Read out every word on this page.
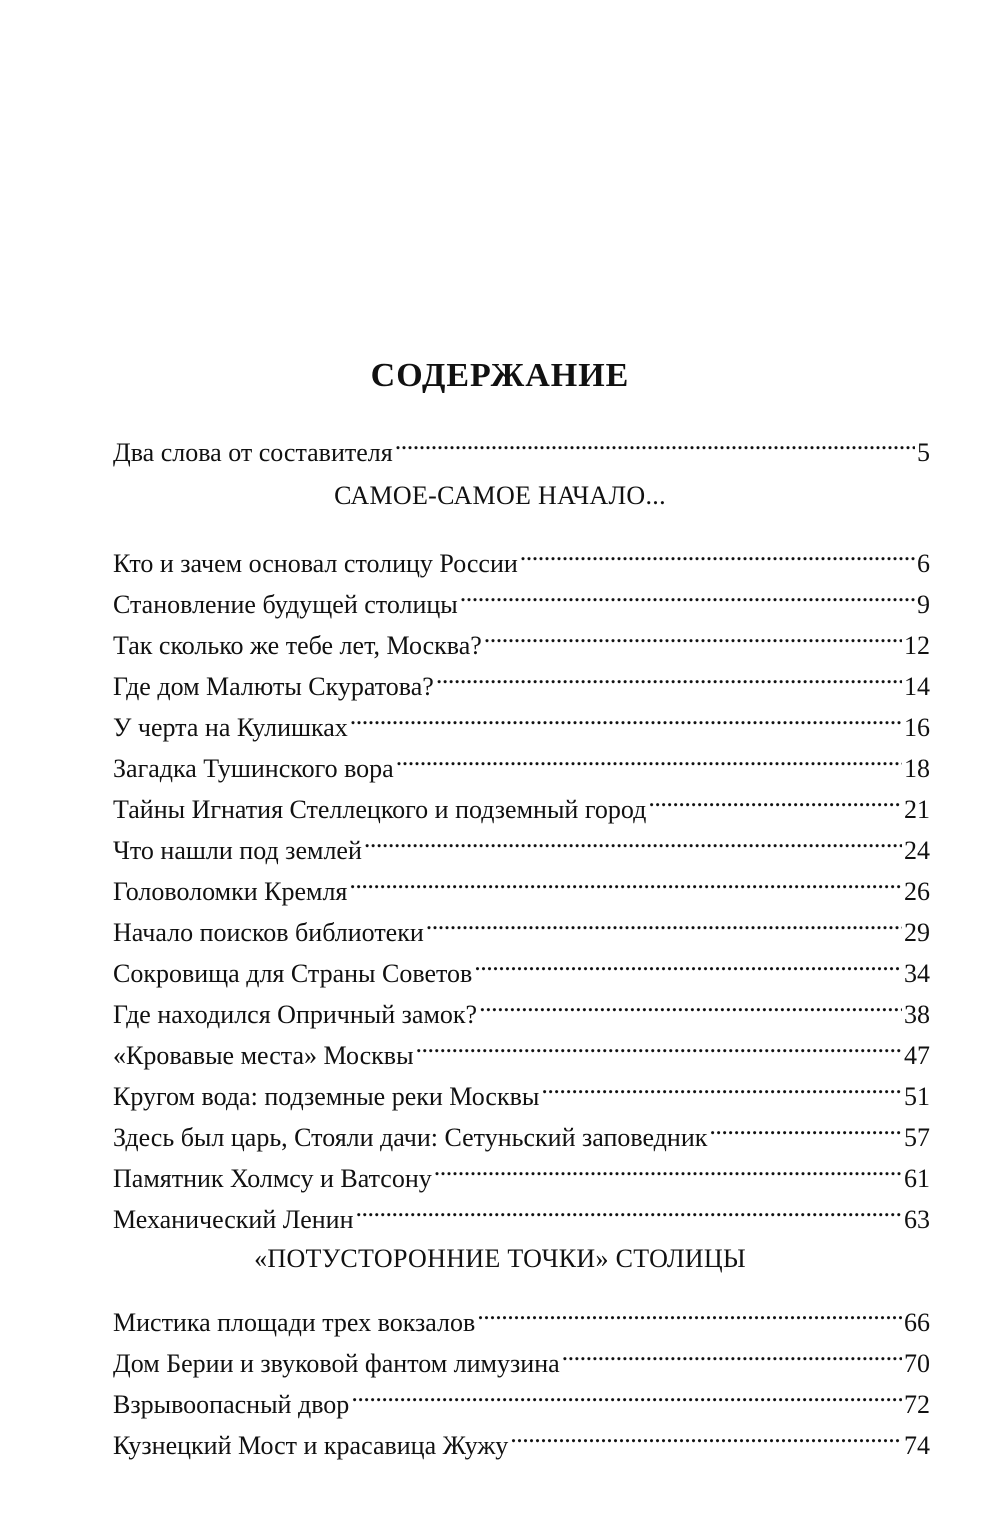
СОДЕРЖАНИЕ
Два слова от составителя . . .	5
САМОЕ-САМОЕ НАЧАЛО...
Кто и зачем основал столицу России . . .	6
Становление будущей столицы . . .	9
Так сколько же тебе лет, Москва? . . .	12
Где дом Малюты Скуратова? . . .	14
У черта на Кулишках . . .	16
Загадка Тушинского вора . . .	18
Тайны Игнатия Стеллецкого и подземный город . . .	21
Что нашли под землей . . .	24
Головоломки Кремля . . .	26
Начало поисков библиотеки . . .	29
Сокровища для Страны Советов . . .	34
Где находился Опричный замок? . . .	38
«Кровавые места» Москвы . . .	47
Кругом вода: подземные реки Москвы . . .	51
Здесь был царь, Стояли дачи: Сетуньский заповедник . . .	57
Памятник Холмсу и Ватсону . . .	61
Механический Ленин . . .	63
«ПОТУСТОРОННИЕ ТОЧКИ» СТОЛИЦЫ
Мистика площади трех вокзалов . . .	66
Дом Берии и звуковой фантом лимузина . . .	70
Взрывоопасный двор . . .	72
Кузнецкий Мост и красавица Жужу . . .	74
